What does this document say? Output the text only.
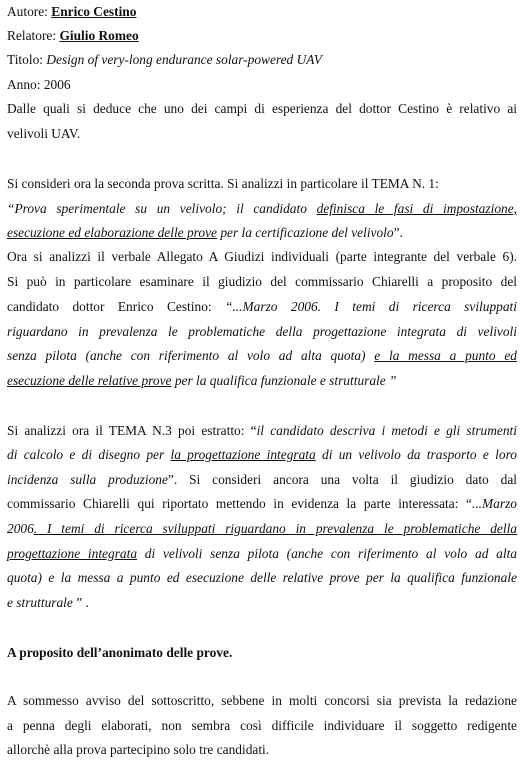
Autore: Enrico Cestino
Relatore: Giulio Romeo
Titolo: Design of very-long endurance solar-powered UAV
Anno: 2006
Dalle quali si deduce che uno dei campi di esperienza del dottor Cestino è relativo ai
velivoli UAV.
Si consideri ora la seconda prova scritta. Si analizzi in particolare il TEMA N. 1:
“Prova sperimentale su un velivolo; il candidato definisca le fasi di impostazione,
esecuzione ed elaborazione delle prove per la certificazione del velivolo”.
Ora si analizzi il verbale Allegato A Giudizi individuali (parte integrante del verbale 6).
Si può in particolare esaminare il giudizio del commissario Chiarelli a proposito del
candidato dottor Enrico Cestino: “...Marzo 2006. I temi di ricerca sviluppati
riguardano in prevalenza le problematiche della progettazione integrata di velivoli
senza pilota (anche con riferimento al volo ad alta quota) e la messa a punto ed
esecuzione delle relative prove per la qualifica funzionale e strutturale ”
Si analizzi ora il TEMA N.3 poi estratto: “il candidato descriva i metodi e gli strumenti
di calcolo e di disegno per la progettazione integrata di un velivolo da trasporto e loro
incidenza sulla produzione”. Si consideri ancora una volta il giudizio dato dal
commissario Chiarelli qui riportato mettendo in evidenza la parte interessata: “...Marzo
2006. I temi di ricerca sviluppati riguardano in prevalenza le problematiche della
progettazione integrata di velivoli senza pilota (anche con riferimento al volo ad alta
quota) e la messa a punto ed esecuzione delle relative prove per la qualifica funzionale
e strutturale ” .
A proposito dell’anonimato delle prove.
A sommesso avviso del sottoscritto, sebbene in molti concorsi sia prevista la redazione
a penna degli elaborati, non sembra così difficile individuare il soggetto redigente
allorchè alla prova partecipino solo tre candidati.
